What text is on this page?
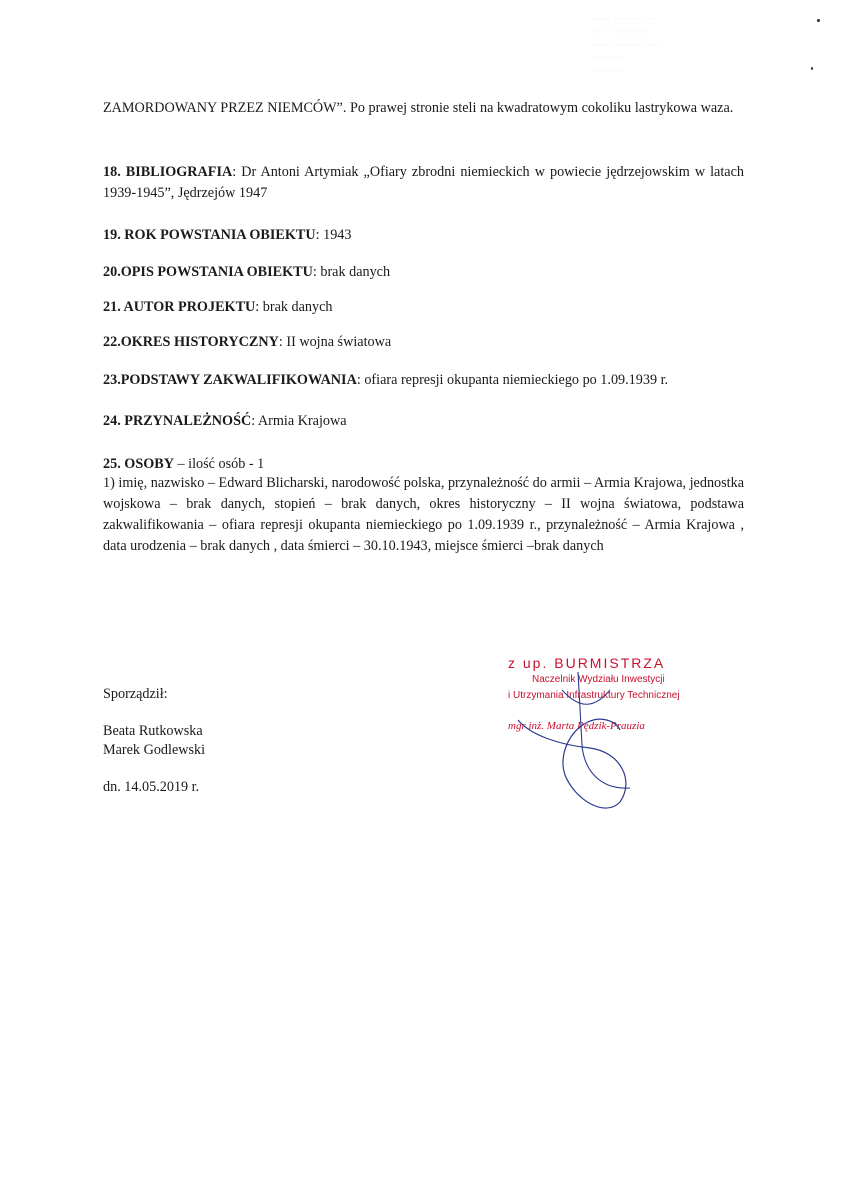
··· ······· ·····
········ ·· ···
··· ······· ······
········
·········
ZAMORDOWANY PRZEZ NIEMCÓW”. Po prawej stronie steli na kwadratowym cokoliku lastrykowa waza.
18. BIBLIOGRAFIA: Dr Antoni Artymiak „Ofiary zbrodni niemieckich w powiecie jędrzejowskim w latach 1939-1945”, Jędrzejów 1947
19. ROK POWSTANIA OBIEKTU: 1943
20.OPIS POWSTANIA OBIEKTU: brak danych
21. AUTOR PROJEKTU: brak danych
22.OKRES HISTORYCZNY: II wojna światowa
23.PODSTAWY ZAKWALIFIKOWANIA: ofiara represji okupanta niemieckiego po 1.09.1939 r.
24. PRZYNALEŻNOŚĆ: Armia Krajowa
25. OSOBY – ilość osób - 1
1) imię, nazwisko – Edward Blicharski, narodowość polska, przynależność do armii – Armia Krajowa, jednostka wojskowa – brak danych, stopień – brak danych, okres historyczny – II wojna światowa, podstawa zakwalifikowania – ofiara represji okupanta niemieckiego po 1.09.1939 r., przynależność – Armia Krajowa , data urodzenia – brak danych , data śmierci – 30.10.1943, miejsce śmierci –brak danych
Sporządził:
Beata Rutkowska
Marek Godlewski
dn. 14.05.2019 r.
z up. BURMISTRZA
Naczelnik Wydziału Inwestycji
i Utrzymania Infrastruktury Technicznej
mgr inż. Marta Pędzik-Prauzia
